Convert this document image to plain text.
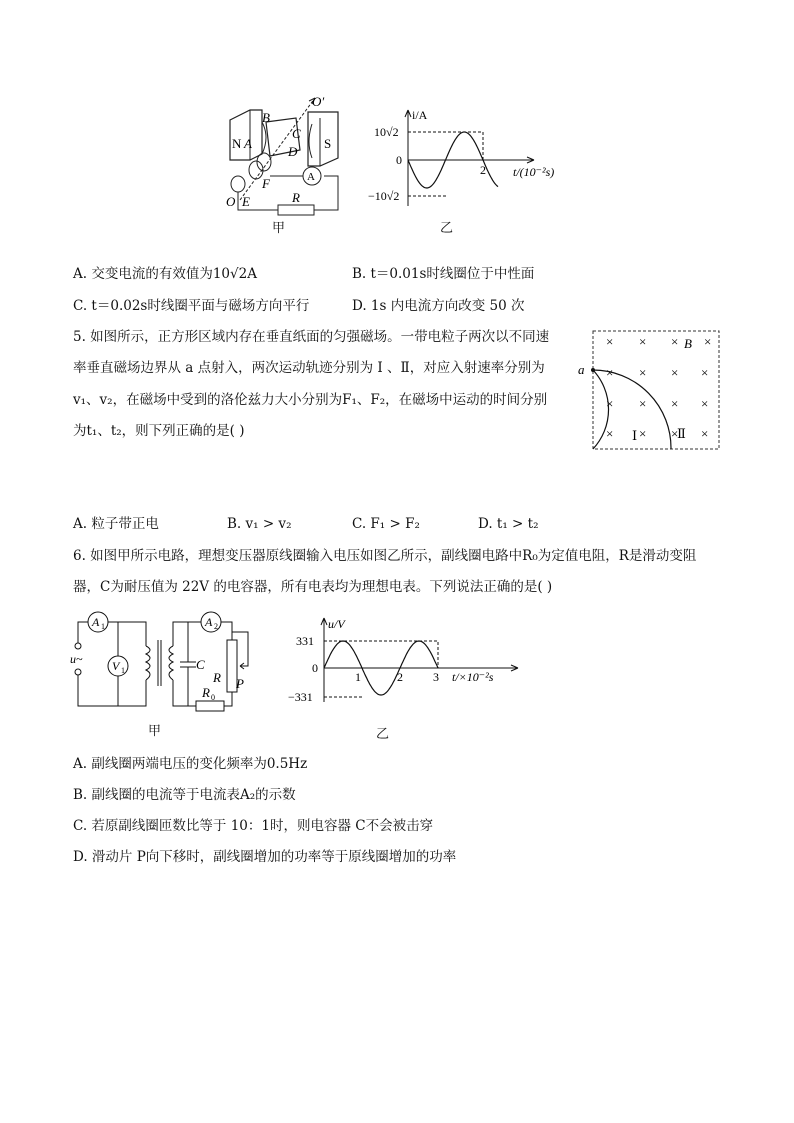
N	S
A
B
C
D
O′
F
O E	R
A
甲
i/A
10√2
0
−10√2
2 t/(10⁻²s)
乙
A. 交变电流的有效值为10√2A	B. t＝0.01s时线圈位于中性面
C. t＝0.02s时线圈平面与磁场方向平行	D. 1s 内电流方向改变 50 次
5. 如图所示，正方形区域内存在垂直纸面的匀强磁场。一带电粒子两次以不同速
率垂直磁场边界从 a 点射入，两次运动轨迹分别为 Ⅰ 、Ⅱ，对应入射速率分别为
v₁、v₂，在磁场中受到的洛伦兹力大小分别为F₁、F₂，在磁场中运动的时间分别
为t₁、t₂，则下列正确的是( )
× × ×
× × × ×
× × × ×
× × × ×
×
a
B
Ⅰ	Ⅱ
A. 粒子带正电	B. v₁ > v₂	C. F₁ > F₂	D. t₁ > t₂
6. 如图甲所示电路，理想变压器原线圈输入电压如图乙所示，副线圈电路中R₀为定值电阻，R是滑动变阻
器，C为耐压值为 22V 的电容器，所有电表均为理想电表。下列说法正确的是( )
A 1
V 1
u~
A 2
C
R P
R 0
甲
u/V
331
0
−331
1	2	3 t/×10⁻²s
乙
A. 副线圈两端电压的变化频率为0.5Hz
B. 副线圈的电流等于电流表A₂的示数
C. 若原副线圈匝数比等于 10：1时，则电容器 C不会被击穿
D. 滑动片 P向下移时，副线圈增加的功率等于原线圈增加的功率
